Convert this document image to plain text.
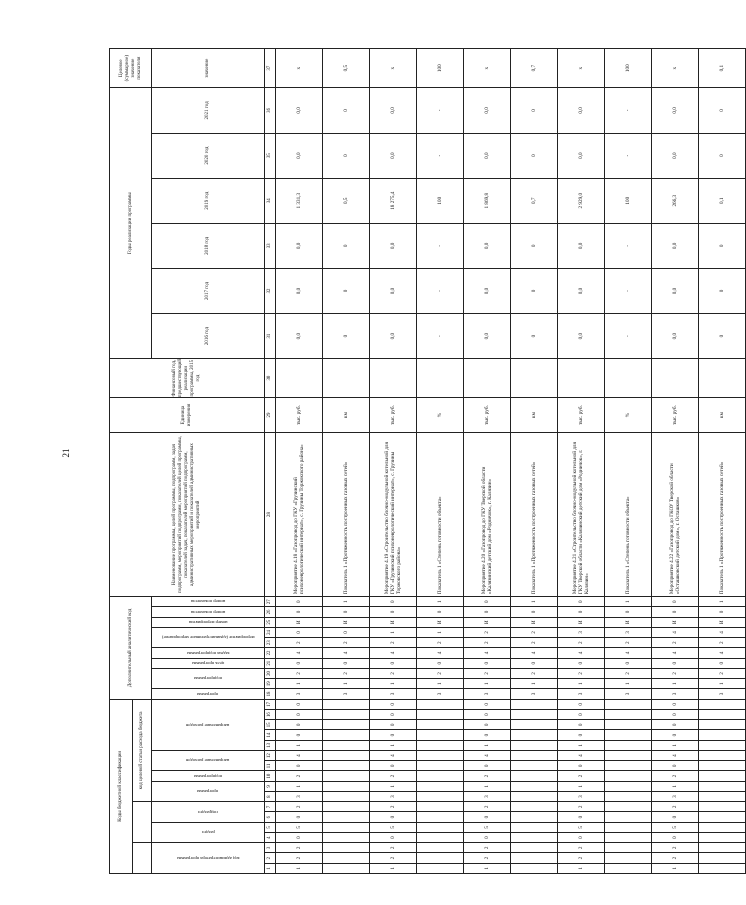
21
Коды бюджетной классификации																	Дополнительный аналитический код										Наименование программы, целей программы, подпрограмм, задач подпрограмм, мероприятий подпрограмм, показателей целей программы, показателей задач, показателей мероприятий подпрограмм, административных мероприятий и показателей административных мероприятий	Единица измерения	Финансовый год, предшествующий реализации программы, 2015 год	Годы реализации программы						Целевое (суммарное) значение показателя
							код целевой статьи расхода бюджета																													

код администратора программы			раздел		подраздел		программа		подпрограмма	направление расходов		направление расходов					программа	подпрограмма		цель программы	задача подпрограммы	мероприятие (административное мероприятие)		номер мероприятия	номер показателя	номер показателя				2016 год	2017 год	2018 год	2019 год	2020 год	2021 год	значение
1	2	3	4	5	6	7	8	9	10	11	12	13	14	15	16	17	18	19	20	21	22	23	24	25	26	27	28	29	30	31	32	33	34	35	36	37
1	2	2	0	5	0	2	3	1	2	0	4	1	0	0	0	0	3	1	2	0	4	2	0	И	0	0	Мероприятие 4.18 «Газопровод до ГКУ «Грузинский психоневрологический интернат», с. Грузины Торжокского района»	тыс. руб.		0,0	0,0	0,0	1 331,3	0,0	0,0	х
																	3	1	2	0	4	2	0	И	0	1	Показатель 1 «Протяженность построенных газовых сетей»	км		0	0	0	0,5	0	0	0,5
1	2	2	0	5	0	2	3	1	2	0	4	1	0	0	0	0	3	1	2	0	4	2	1	И	0	0	Мероприятие 4.19 «Строительство блочно-модульной котельной для ГКУ «Грузинский психоневрологический интернат», с. Грузины Торжокского района»	тыс. руб.		0,0	0,0	0,0	18 275,4	0,0	0,0	х
																	3	1	2	0	4	2	1	И	0	1	Показатель 1 «Степень готовности объекта»	%		-	-	-	100	-	-	100
1	2	2	0	5	0	2	3	1	2	0	4	1	0	0	0	0	3	1	2	0	4	2	2	И	0	0	Мероприятие 4.20 «Газопровод до ГКУ Тверской области «Калязинский детский дом «Родничок», г. Калязин»	тыс. руб.		0,0	0,0	0,0	1 869,8	0,0	0,0	х
																	3	1	2	0	4	2	2	И	0	1	Показатель 1 «Протяженность построенных газовых сетей»	км		0	0	0	0,7	0	0	0,7
1	2	2	0	5	0	2	3	1	2	0	4	1	0	0	0	0	3	1	2	0	4	2	3	И	0	0	Мероприятие 4.21 «Строительство блочно-модульной котельной для ГКУ Тверской области «Калязинский детский дом «Родничок», г. Калязин»	тыс. руб.		0,0	0,0	0,0	2 929,0	0,0	0,0	х
																	3	1	2	0	4	2	3	И	0	1	Показатель 1 «Степень готовности объекта»	%		-	-	-	100	-	-	100
1	2	2	0	5	0	2	3	1	2	0	4	1	0	0	0	0	3	1	2	0	4	2	4	И	0	0	Мероприятие 4.22 «Газопровод до ГКОУ Тверской области «Осташковский детский дом», г. Осташков»	тыс. руб.		0,0	0,0	0,0	266,3	0,0	0,0	х
																	3	1	2	0	4	2	4	И	0	1	Показатель 1 «Протяженность построенных газовых сетей»	км		0	0	0	0,1	0	0	0,1
